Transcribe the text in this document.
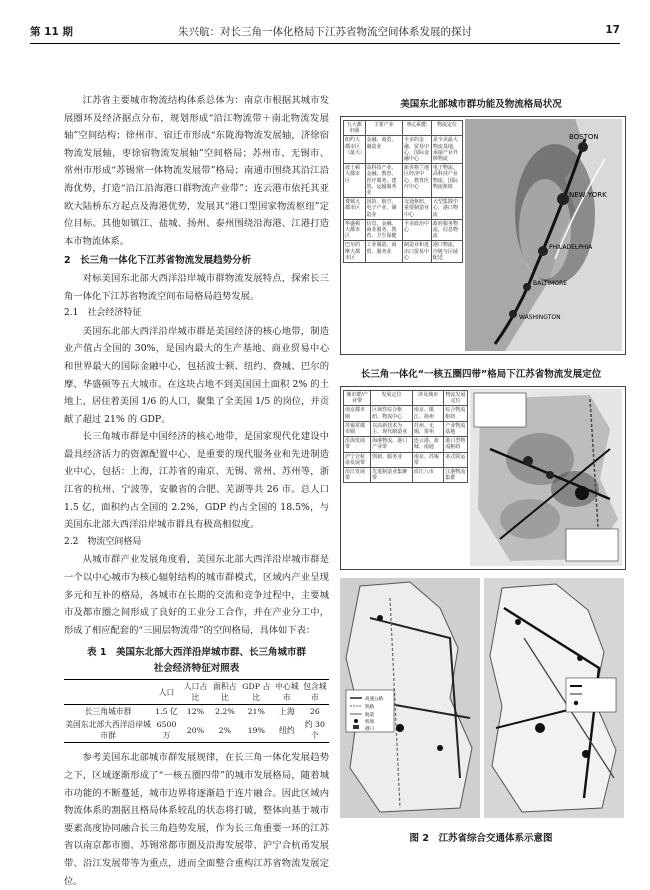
第 11 期	朱兴航：对长三角一体化格局下江苏省物流空间体系发展的探讨	17

江苏省主要城市物流结构体系总体为：南京市根据其城市发展圈环及经济据点分布，规划形成“沿江物流带＋南北物流发展轴”空间结构；徐州市、宿迁市形成“东陇海物流发展轴，济徐宿物流发展轴，枣徐宿物流发展轴”空间格局；苏州市、无锡市、常州市形成“苏锡常一体物流发展带”格局；南通市围绕其沿江沿海优势，打造“沿江沿海港口群物流产业带”；连云港市依托其亚欧大陆桥东方起点及海港优势，发展其“港口型国家物流枢纽”定位目标。其他如镇江、盐城、扬州、泰州围绕沿海港、江港打造本市物流体系。

2　长三角一体化下江苏省物流发展趋势分析

对标美国东北部大西洋沿岸城市群物流发展特点，探索长三角一体化下江苏省物流空间布局格局趋势发展。

2.1　社会经济特征

美国东北部大西洋沿岸城市群是美国经济的核心地带，制造业产值占全国的 30%，是国内最大的生产基地、商业贸易中心和世界最大的国际金融中心，包括波士顿、纽约、费城、巴尔的摩、华盛顿等五大城市。在这块占地不到美国国土面积 2% 的土地上，居住着美国 1/6 的人口，聚集了全美国 1/5 的岗位，并贡献了超过 21% 的 GDP。

长三角城市群是中国经济的核心地带，是国家现代化建设中最具经济活力的资源配置中心、是重要的现代服务业和先进制造业中心，包括：上海，江苏省的南京、无锡、常州、苏州等，浙江省的杭州、宁波等，安徽省的合肥、芜湖等共 26 市。总人口 1.5 亿，面积约占全国的 2.2%，GDP 约占全国的 18.5%，与美国东北部大西洋沿岸城市群具有极高相似度。

2.2　物流空间格局

从城市群产业发展角度看，美国东北部大西洋沿岸城市群是一个以中心城市为核心辐射结构的城市群模式，区域内产业呈现多元和互补的格局，各城市在长期的交流和竞争过程中，主要城市及都市圈之间形成了良好的工业分工合作，并在产业分工中，形成了相应配套的“三圆层物流带”的空间格局，具体如下表：

表 1　美国东北部大西洋沿岸城市群、长三角城市群
社会经济特征对照表
	人口	人口占比	面积占比	GDP 占比	中心城市	包含城市
长三角城市群	1.5 亿	12%	2.2%	21%	上海	26
美国东北部大西洋沿岸城市群	6500 万	20%	2%	19%	纽约	约 30 个

参考美国东北部城市群发展规律，在长三角一体化发展趋势之下，区域逐渐形成了“一核五圈四带”的城市发展格局，随着城市功能的不断蔓延，城市边界将逐渐趋于连片融合。因此区域内物流体系的割据且格局体系较乱的状态将打破，整体向基于城市要素高度协同融合长三角趋势发展，作为长三角重要一环的江苏省以南京都市圈、苏锡常都市圈及沿海发展带、沪宁合杭甬发展带、沿江发展带等为重点，进而全面整合重构江苏省物流发展定位。

美国东北部城市群功能及物流格局状况
五大都市圈	主要产业	核心职能	物流定位
纽约大都市区（最大）	金融、商贸、制造业	全美的金融、贸易中心，国际金融中心	是全美最大物流基地，承接产业外移物流
波士顿大都市区	高科技产业、金融、教育、医疗服务、建筑、运输服务业	新英格兰地区经济中心，教育医疗中心	电子物流、高科技产业物流，国际物流枢纽
费城大都市区	国防、航空、电子产业，制造业	交通枢纽，重要制造业中心	大型集散中心，港口物流
华盛顿大都市区	信息、金融、商业服务、教育、卫生保健	全美政治中心	政府服务物流，信息物流
巴尔的摩大都市区	工业制造、商贸、服务业	制造业和进出口贸易中心	港口物流，冷链与区域配送
BOSTON
NEW YORK
PHILADELPHIA
BALTIMORE
WASHINGTON
长三角一体化“一核五圈四带”格局下江苏省物流发展定位
城市群/产业带	发展定位	涉及城市	物流发展定位
南京都市圈	区域性综合枢纽、物流中心	南京、镇江、扬州	综合物流枢纽
苏锡常都市圈	以高新技术为主、现代制造业	苏州、无锡、常州	产业物流基地
沿海发展带	海港物流、港口产业带	连云港、盐城、南通	港口型物流枢纽
沪宁合杭甬发展带	创新、服务业	南京、苏锡常	多式联运
沿江发展带	先进制造业集聚带	沿江八市	江港物流集群
高速公路
铁路
航道
机场
港口
图 2　江苏省综合交通体系示意图
